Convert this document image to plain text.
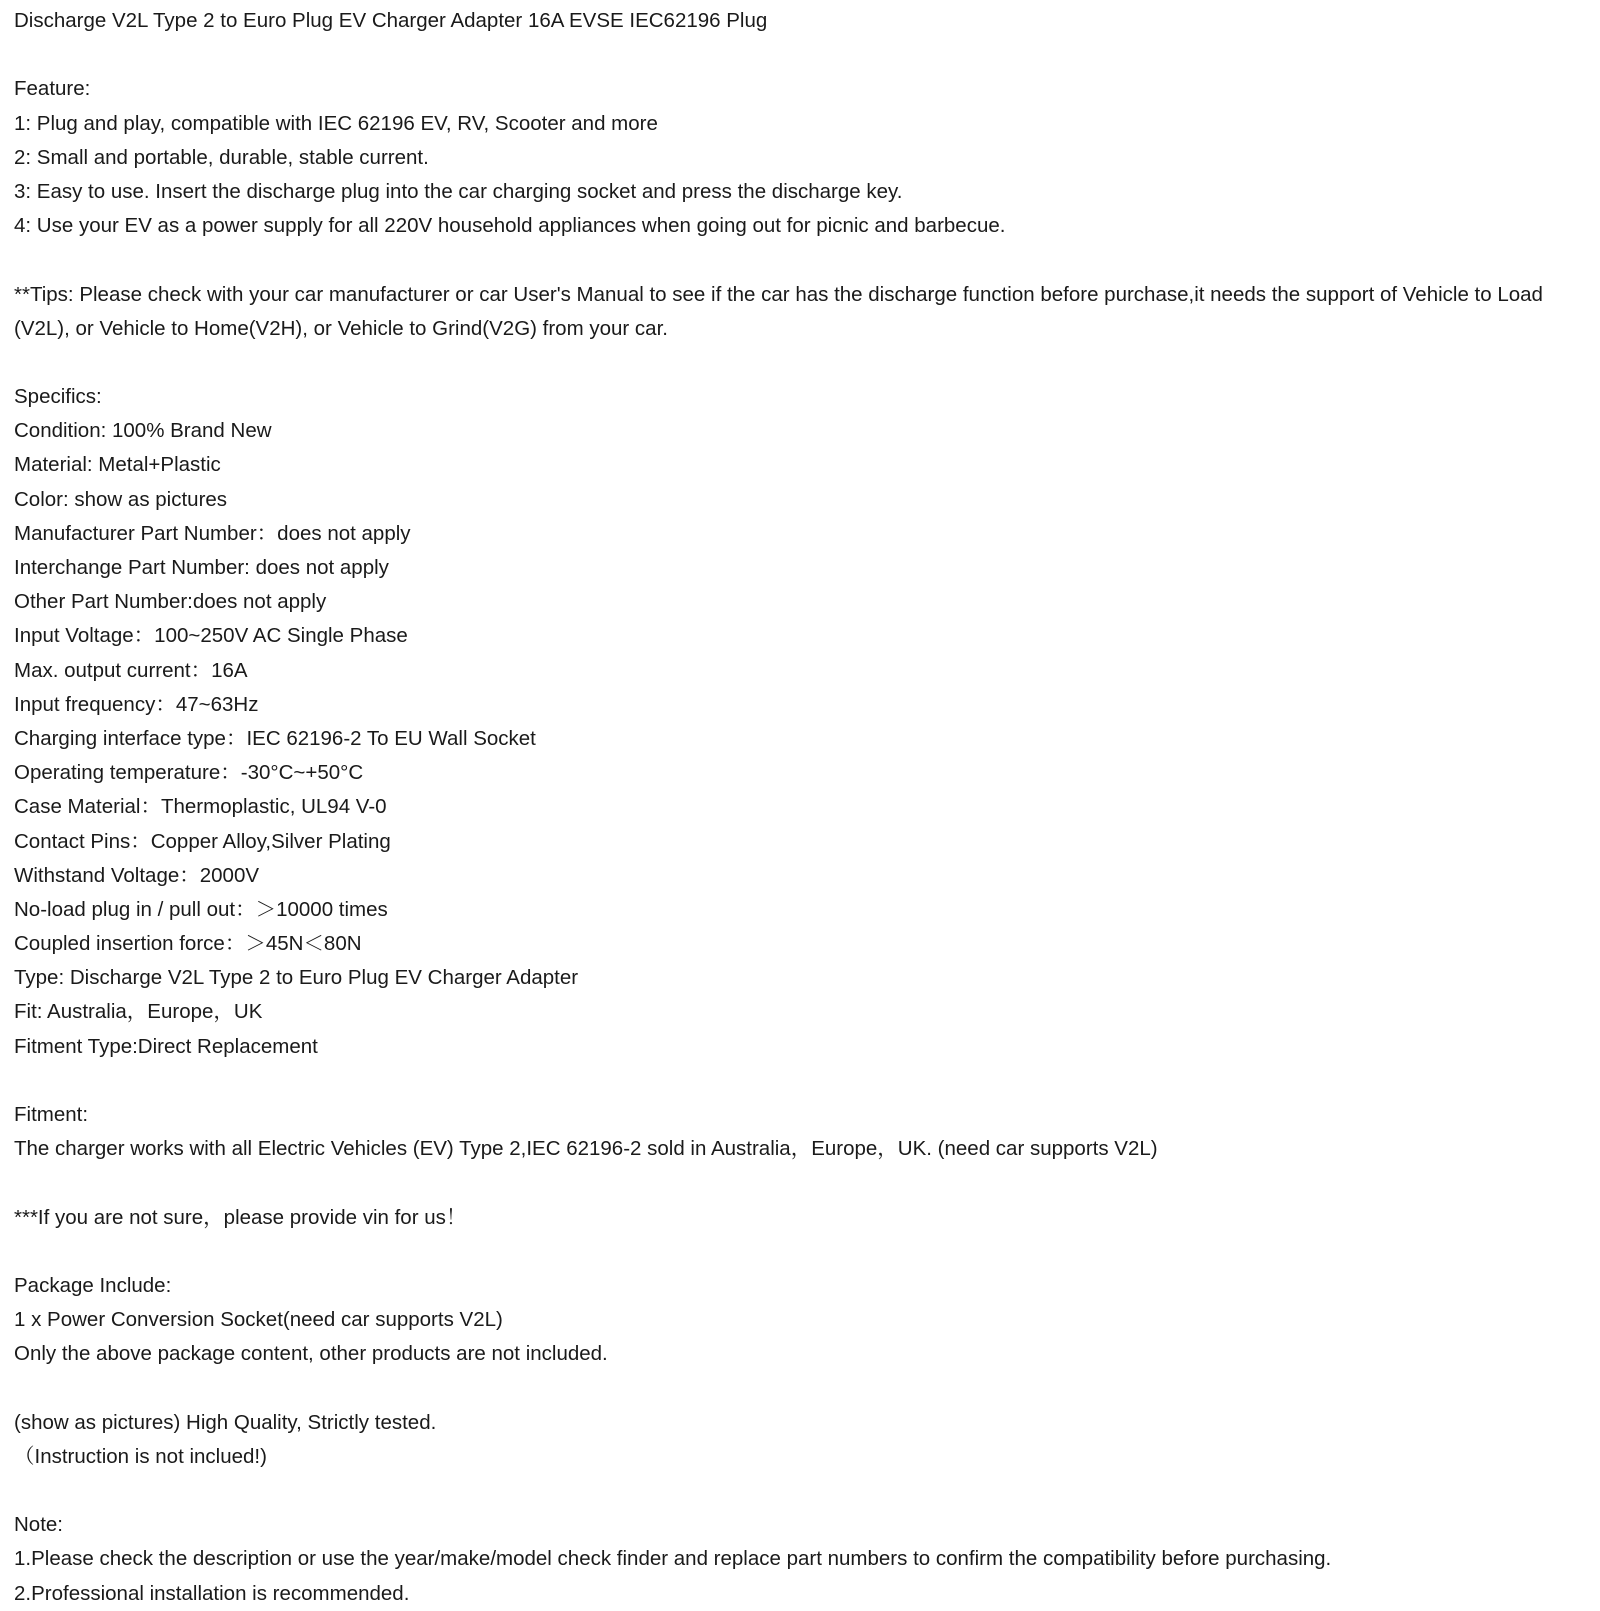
Discharge V2L Type 2 to Euro Plug EV Charger Adapter 16A EVSE IEC62196 Plug
Feature:
1: Plug and play, compatible with IEC 62196 EV, RV, Scooter and more
2: Small and portable, durable, stable current.
3: Easy to use. Insert the discharge plug into the car charging socket and press the discharge key.
4: Use your EV as a power supply for all 220V household appliances when going out for picnic and barbecue.
**Tips: Please check with your car manufacturer or car User's Manual to see if the car has the discharge function before purchase,it needs the support of Vehicle to Load (V2L), or Vehicle to Home(V2H), or Vehicle to Grind(V2G) from your car.
Specifics:
Condition: 100% Brand New
Material: Metal+Plastic
Color: show as pictures
Manufacturer Part Number：does not apply
Interchange Part Number: does not apply
Other Part Number:does not apply
Input Voltage：100~250V AC Single Phase
Max. output current：16A
Input frequency：47~63Hz
Charging interface type：IEC 62196-2 To EU Wall Socket
Operating temperature：-30°C~+50°C
Case Material：Thermoplastic, UL94 V-0
Contact Pins：Copper Alloy,Silver Plating
Withstand Voltage：2000V
No-load plug in / pull out：＞10000 times
Coupled insertion force：＞45N＜80N
Type: Discharge V2L Type 2 to Euro Plug EV Charger Adapter
Fit: Australia，Europe，UK
Fitment Type:Direct Replacement
Fitment:
The charger works with all Electric Vehicles (EV) Type 2,IEC 62196-2 sold in Australia，Europe，UK. (need car supports V2L)
***If you are not sure，please provide vin for us！
Package Include:
1 x Power Conversion Socket(need car supports V2L)
Only the above package content, other products are not included.
(show as pictures) High Quality, Strictly tested.
（Instruction is not inclued!)
Note:
1.Please check the description or use the year/make/model check finder and replace part numbers to confirm the compatibility before purchasing.
2.Professional installation is recommended.
